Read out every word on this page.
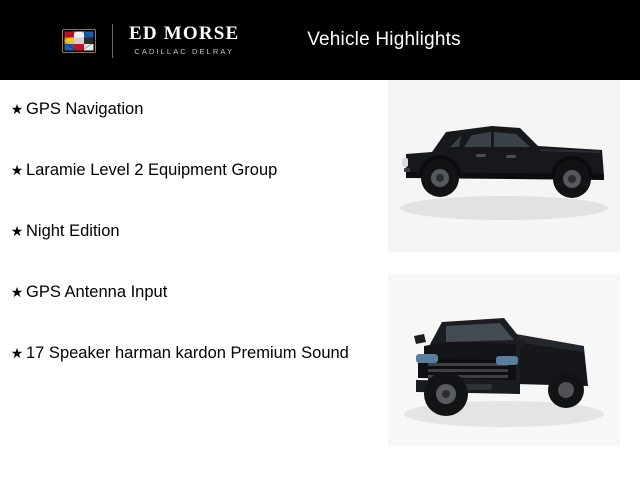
ED MORSE
CADILLAC DELRAY
Vehicle Highlights
★ GPS Navigation
★ Laramie Level 2 Equipment Group
★ Night Edition
★ GPS Antenna Input
★ 17 Speaker harman kardon Premium Sound
